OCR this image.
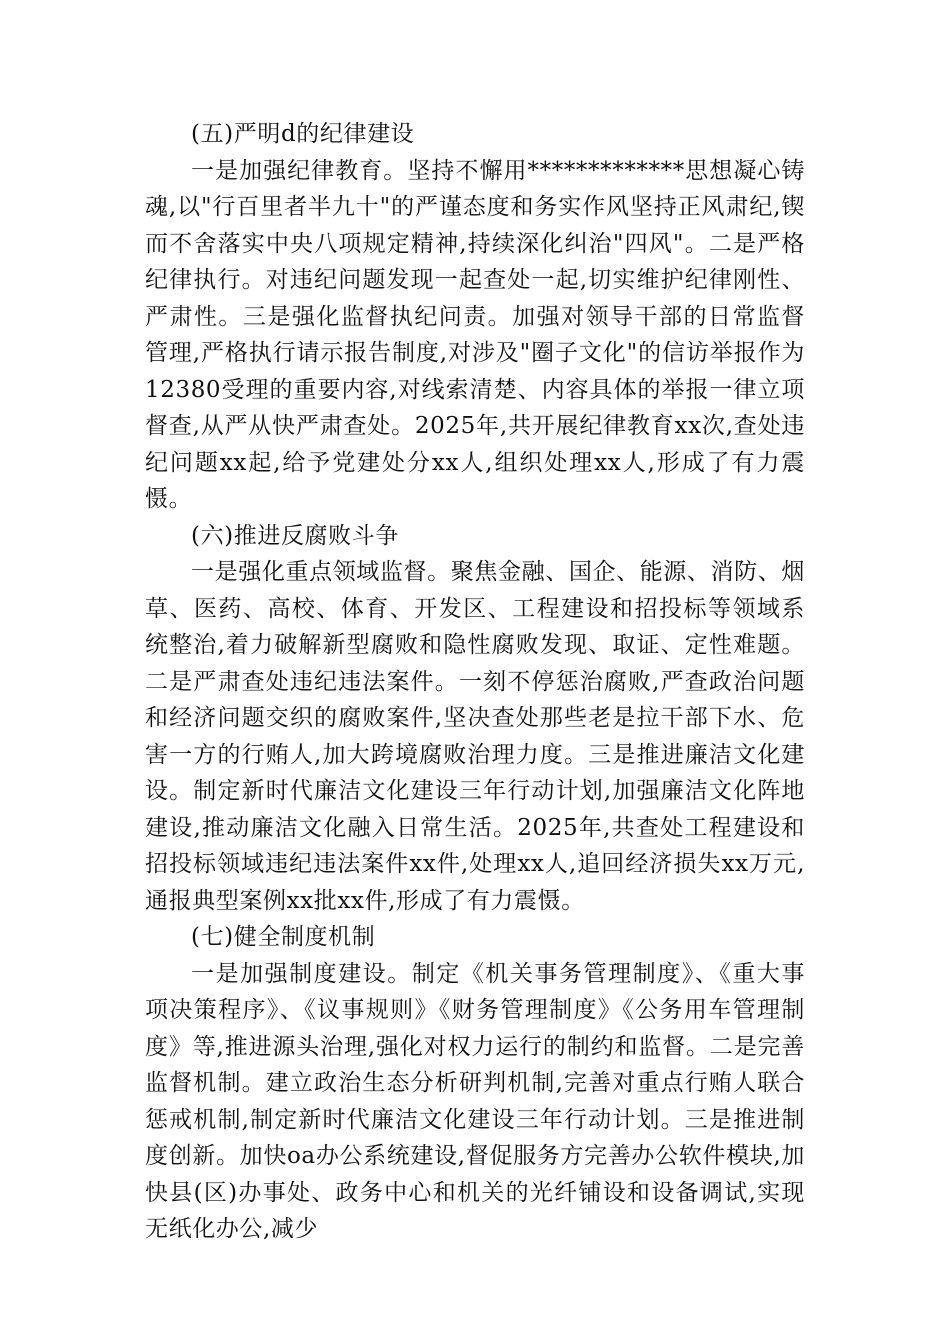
(五)严明d的纪律建设

一是加强纪律教育。坚持不懈用*************思想凝心铸魂,以"行百里者半九十"的严谨态度和务实作风坚持正风肃纪,锲而不舍落实中央八项规定精神,持续深化纠治"四风"。二是严格纪律执行。对违纪问题发现一起查处一起,切实维护纪律刚性、严肃性。三是强化监督执纪问责。加强对领导干部的日常监督管理,严格执行请示报告制度,对涉及"圈子文化"的信访举报作为12380受理的重要内容,对线索清楚、内容具体的举报一律立项督查,从严从快严肃查处。2025年,共开展纪律教育xx次,查处违纪问题xx起,给予党建处分xx人,组织处理xx人,形成了有力震慑。

(六)推进反腐败斗争

一是强化重点领域监督。聚焦金融、国企、能源、消防、烟草、医药、高校、体育、开发区、工程建设和招投标等领域系统整治,着力破解新型腐败和隐性腐败发现、取证、定性难题。二是严肃查处违纪违法案件。一刻不停惩治腐败,严查政治问题和经济问题交织的腐败案件,坚决查处那些老是拉干部下水、危害一方的行贿人,加大跨境腐败治理力度。三是推进廉洁文化建设。制定新时代廉洁文化建设三年行动计划,加强廉洁文化阵地建设,推动廉洁文化融入日常生活。2025年,共查处工程建设和招投标领域违纪违法案件xx件,处理xx人,追回经济损失xx万元,通报典型案例xx批xx件,形成了有力震慑。

(七)健全制度机制

一是加强制度建设。制定《机关事务管理制度》、《重大事项决策程序》、《议事规则》《财务管理制度》《公务用车管理制度》等,推进源头治理,强化对权力运行的制约和监督。二是完善监督机制。建立政治生态分析研判机制,完善对重点行贿人联合惩戒机制,制定新时代廉洁文化建设三年行动计划。三是推进制度创新。加快oa办公系统建设,督促服务方完善办公软件模块,加快县(区)办事处、政务中心和机关的光纤铺设和设备调试,实现无纸化办公,减少
